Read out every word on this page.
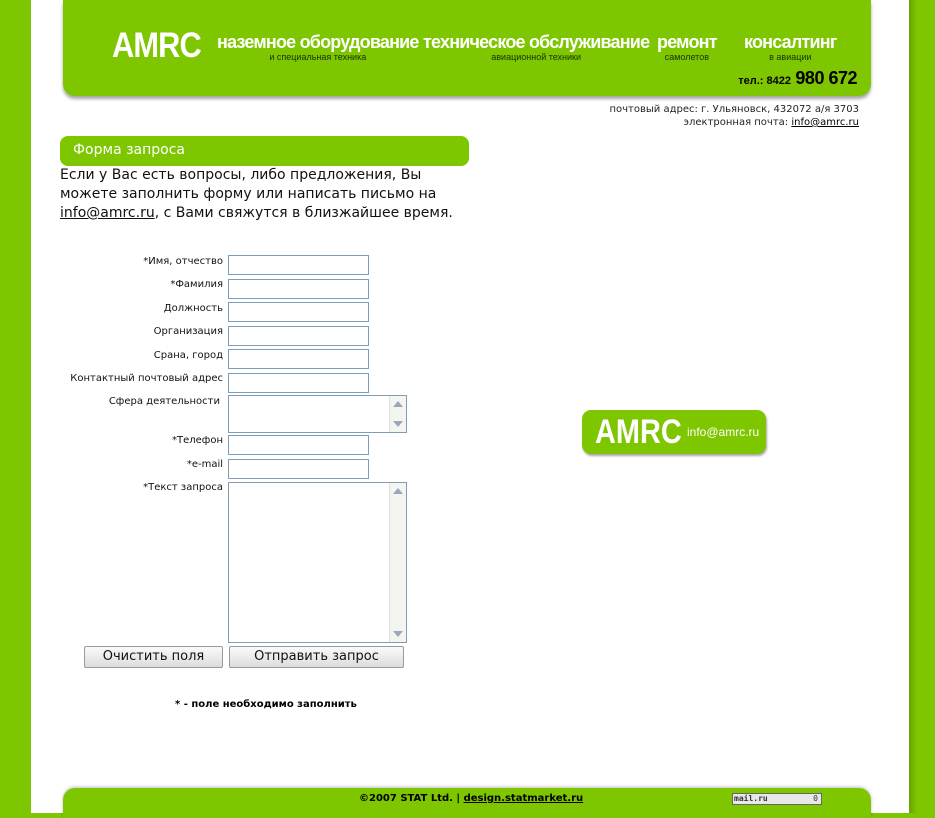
AMRC наземное оборудование
и специальная техника
техническое обслуживание
авиационной техники
ремонт
самолетов
консалтинг
в авиации
тел.: 8422 980 672
почтовый адрес: г. Ульяновск, 432072 а/я 3703
электронная почта: info@amrc.ru
Форма запроса
Если у Вас есть вопросы, либо предложения, Вы можете заполнить форму или написать письмо на info@amrc.ru, с Вами свяжутся в близжайшее время.
*Имя, отчество
*Фамилия
Должность
Организация
Срана, город
Контактный почтовый адрес
Сфера деятельности
*Телефон
*e-mail
*Текст запроса
Очистить поля	Отправить запрос
* - поле необходимо заполнить
AMRC info@amrc.ru
©2007 STAT Ltd. | design.statmarket.ru	mail.ru	0
